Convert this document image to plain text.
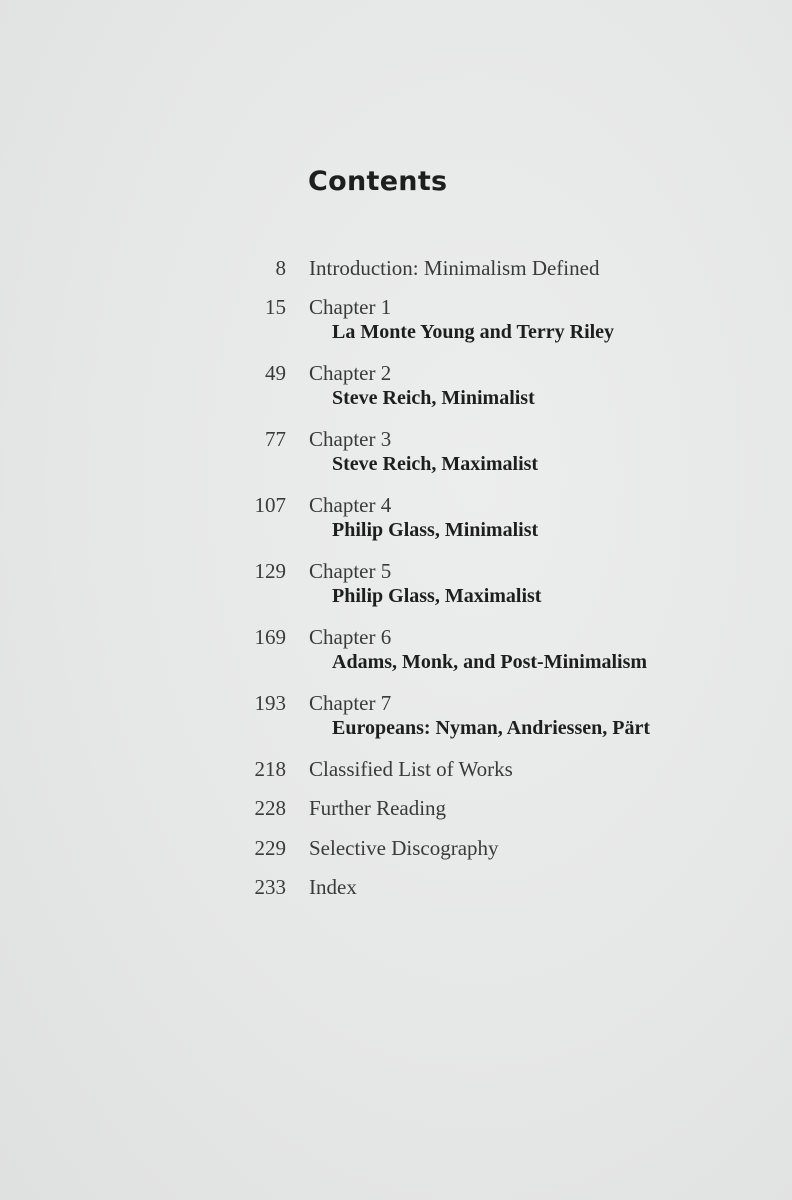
Contents
8 Introduction: Minimalism Defined
15 Chapter 1
La Monte Young and Terry Riley
49 Chapter 2
Steve Reich, Minimalist
77 Chapter 3
Steve Reich, Maximalist
107 Chapter 4
Philip Glass, Minimalist
129 Chapter 5
Philip Glass, Maximalist
169 Chapter 6
Adams, Monk, and Post-Minimalism
193 Chapter 7
Europeans: Nyman, Andriessen, Pärt
218 Classified List of Works
228 Further Reading
229 Selective Discography
233 Index
